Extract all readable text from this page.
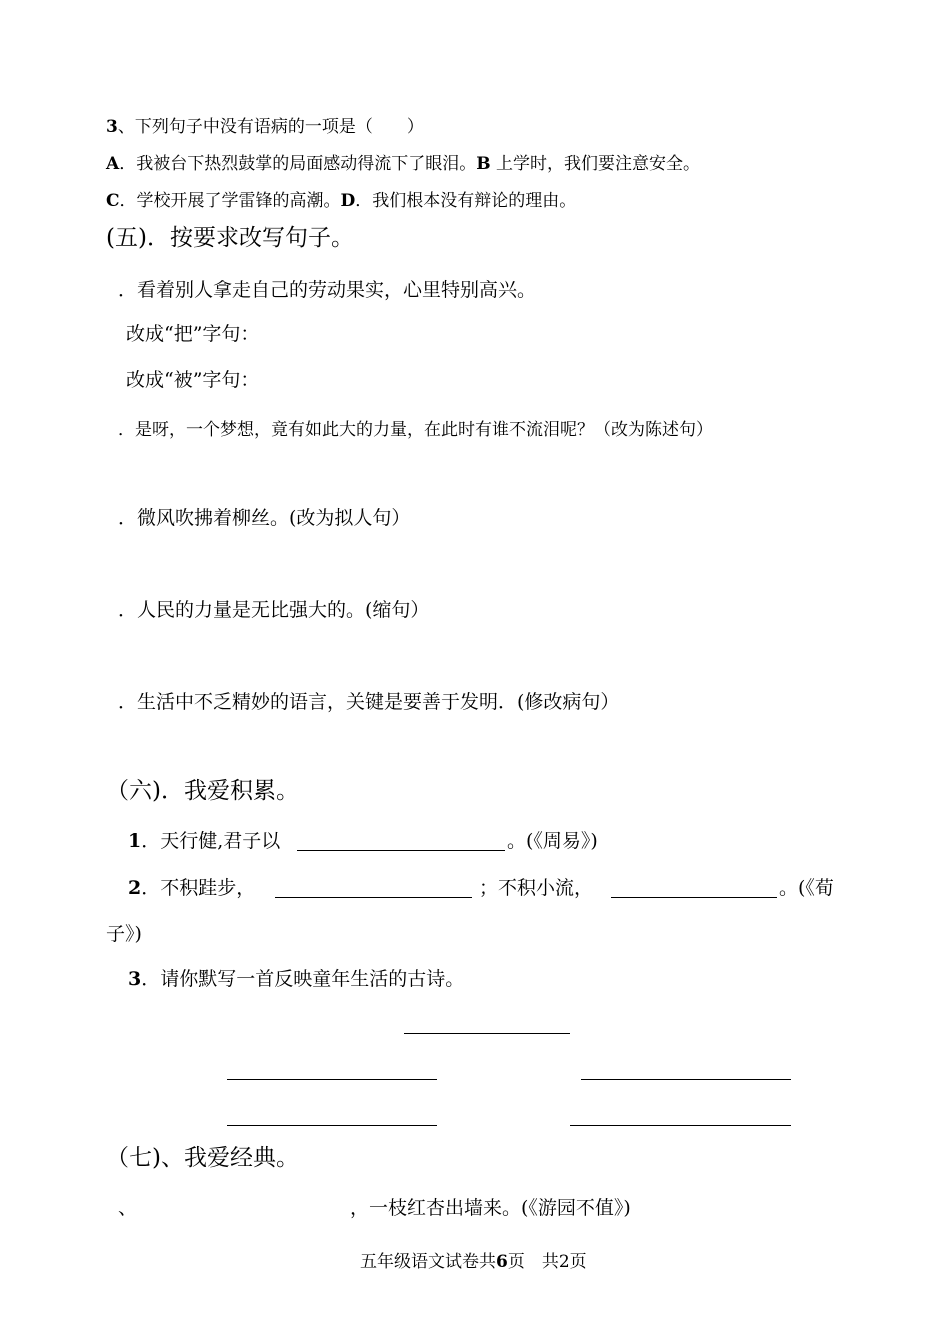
3、下列句子中没有语病的一项是（　　）
A．我被台下热烈鼓掌的局面感动得流下了眼泪。B 上学时，我们要注意安全。
C．学校开展了学雷锋的高潮。D．我们根本没有辩论的理由。
(五)．按要求改写句子。
．看着别人拿走自己的劳动果实，心里特别高兴。
改成“把”字句：
改成“被”字句：
．是呀，一个梦想，竟有如此大的力量，在此时有谁不流泪呢？（改为陈述句）
．微风吹拂着柳丝。(改为拟人句）
．人民的力量是无比强大的。(缩句）
．生活中不乏精妙的语言，关键是要善于发明．(修改病句）
（六)．我爱积累。
1．天行健,君子以	。(《周易》)
2．不积跬步，	；不积小流，	。(《荀
子》)
3．请你默写一首反映童年生活的古诗。
（七)、我爱经典。
、	，一枝红杏出墙来。(《游园不值》)
五年级语文试卷共6页　共2页
